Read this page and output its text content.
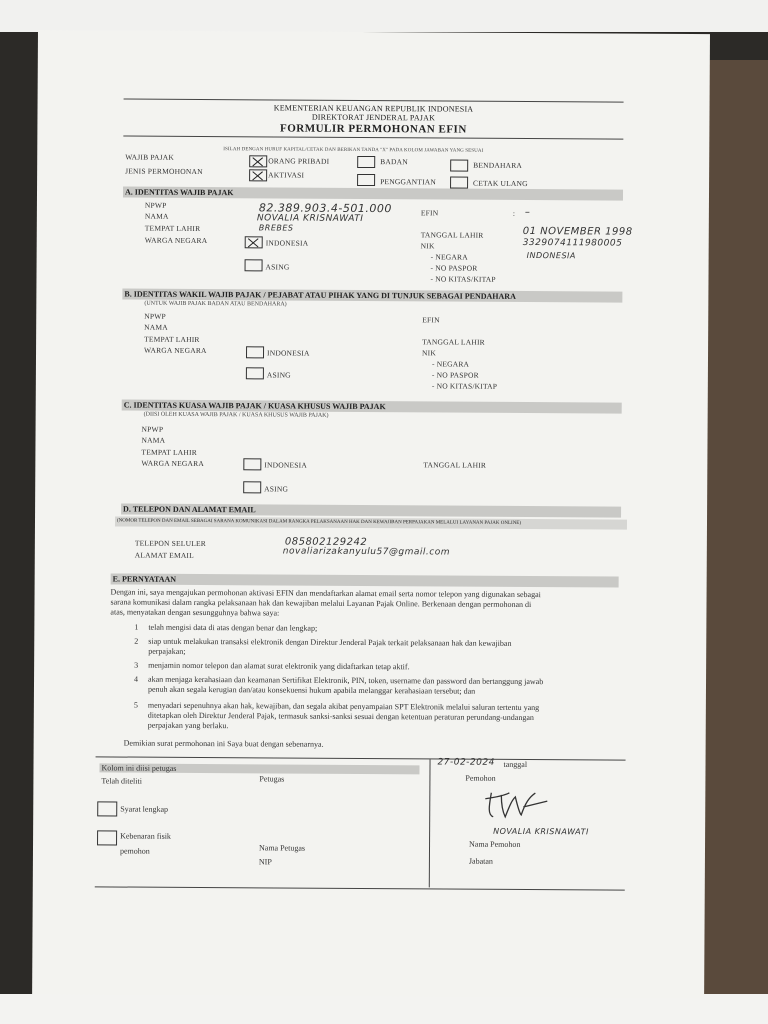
KEMENTERIAN KEUANGAN REPUBLIK INDONESIA
DIREKTORAT JENDERAL PAJAK
FORMULIR PERMOHONAN EFIN
ISILAH DENGAN HURUF KAPITAL/CETAK DAN BERIKAN TANDA "X" PADA KOLOM JAWABAN YANG SESUAI
WAJIB PAJAK	ORANG PRIBADI	BADAN	BENDAHARA
JENIS PERMOHONAN	AKTIVASI
PENGGANTIAN	CETAK ULANG
A. IDENTITAS WAJIB PAJAK
NPWP	82.389.903.4-501.000
NAMA	NOVALIA KRISNAWATI
TEMPAT LAHIR	BREBES
WARGA NEGARA	INDONESIA
ASING
EFIN	: –
TANGGAL LAHIR	01 NOVEMBER 1998
NIK	3329074111980005
- NEGARA	INDONESIA
- NO PASPOR
- NO KITAS/KITAP
B. IDENTITAS WAKIL WAJIB PAJAK / PEJABAT ATAU PIHAK YANG DI TUNJUK SEBAGAI PENDAHARA
(UNTUK WAJIB PAJAK BADAN ATAU BENDAHARA)
NPWP
NAMA
TEMPAT LAHIR
WARGA NEGARA	INDONESIA
ASING
EFIN
TANGGAL LAHIR
NIK
- NEGARA
- NO PASPOR
- NO KITAS/KITAP
C. IDENTITAS KUASA WAJIB PAJAK / KUASA KHUSUS WAJIB PAJAK
(DIISI OLEH KUASA WAJIB PAJAK / KUASA KHUSUS WAJIB PAJAK)
NPWP
NAMA
TEMPAT LAHIR
WARGA NEGARA	INDONESIA
ASING
TANGGAL LAHIR
D. TELEPON DAN ALAMAT EMAIL
(NOMOR TELEPON DAN EMAIL SEBAGAI SARANA KOMUNIKASI DALAM RANGKA PELAKSANAAN HAK DAN KEWAJIBAN PERPAJAKAN MELALUI LAYANAN PAJAK ONLINE)
TELEPON SELULER	085802129242
ALAMAT EMAIL	novaliarizakanyulu57@gmail.com
E. PERNYATAAN
Dengan ini, saya mengajukan permohonan aktivasi EFIN dan mendaftarkan alamat email serta nomor telepon yang digunakan sebagai
sarana komunikasi dalam rangka pelaksanaan hak dan kewajiban melalui Layanan Pajak Online. Berkenaan dengan permohonan di
atas, menyatakan dengan sesungguhnya bahwa saya:
1 telah mengisi data di atas dengan benar dan lengkap;
2 siap untuk melakukan transaksi elektronik dengan Direktur Jenderal Pajak terkait pelaksanaan hak dan kewajiban
perpajakan;
3 menjamin nomor telepon dan alamat surat elektronik yang didaftarkan tetap aktif.
4 akan menjaga kerahasiaan dan keamanan Sertifikat Elektronik, PIN, token, username dan password dan bertanggung jawab
penuh akan segala kerugian dan/atau konsekuensi hukum apabila melanggar kerahasiaan tersebut; dan
5 menyadari sepenuhnya akan hak, kewajiban, dan segala akibat penyampaian SPT Elektronik melalui saluran tertentu yang
ditetapkan oleh Direktur Jenderal Pajak, termasuk sanksi-sanksi sesuai dengan ketentuan peraturan perundang-undangan
perpajakan yang berlaku.
Demikian surat permohonan ini Saya buat dengan sebenarnya.
Kolom ini diisi petugas
Telah diteliti	Petugas
Syarat lengkap
Kebenaran fisik
pemohon	Nama Petugas
NIP
27-02-2024 tanggal
Pemohon
NOVALIA KRISNAWATI
Nama Pemohon
Jabatan
